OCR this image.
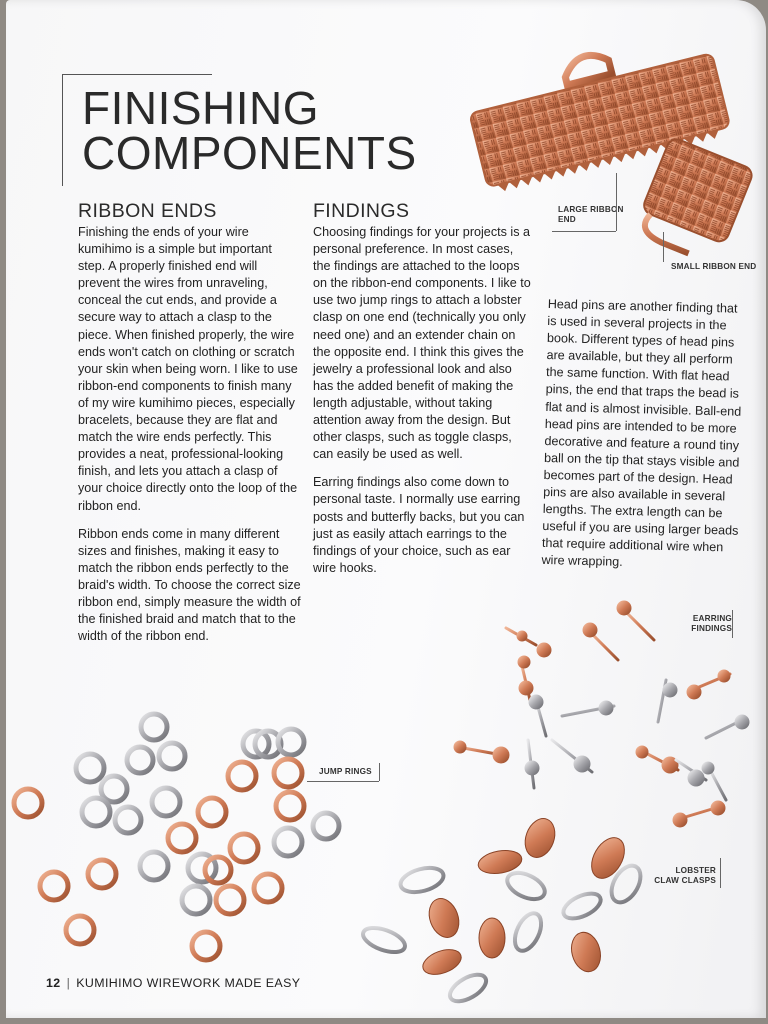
FINISHING
COMPONENTS
RIBBON ENDS

Finishing the ends of your wire kumihimo is a simple but important step. A properly finished end will prevent the wires from unraveling, conceal the cut ends, and provide a secure way to attach a clasp to the piece. When finished properly, the wire ends won't catch on clothing or scratch your skin when being worn. I like to use ribbon-end components to finish many of my wire kumihimo pieces, especially bracelets, because they are flat and match the wire ends perfectly. This provides a neat, professional-looking finish, and lets you attach a clasp of your choice directly onto the loop of the ribbon end.

Ribbon ends come in many different sizes and finishes, making it easy to match the ribbon ends perfectly to the braid's width. To choose the correct size ribbon end, simply measure the width of the finished braid and match that to the width of the ribbon end.

FINDINGS

Choosing findings for your projects is a personal preference. In most cases, the findings are attached to the loops on the ribbon-end components. I like to use two jump rings to attach a lobster clasp on one end (technically you only need one) and an extender chain on the opposite end. I think this gives the jewelry a professional look and also has the added benefit of making the length adjustable, without taking attention away from the design. But other clasps, such as toggle clasps, can easily be used as well.

Earring findings also come down to personal taste. I normally use earring posts and butterfly backs, but you can just as easily attach earrings to the findings of your choice, such as ear wire hooks.

Head pins are another finding that is used in several projects in the book. Different types of head pins are available, but they all perform the same function. With flat head pins, the end that traps the bead is flat and is almost invisible. Ball-end head pins are intended to be more decorative and feature a round tiny ball on the tip that stays visible and becomes part of the design. Head pins are also available in several lengths. The extra length can be useful if you are using larger beads that require additional wire when wire wrapping.

LARGE RIBBON END
SMALL RIBBON END
EARRING FINDINGS
JUMP RINGS
LOBSTER CLAW CLASPS
12 | KUMIHIMO WIREWORK MADE EASY
